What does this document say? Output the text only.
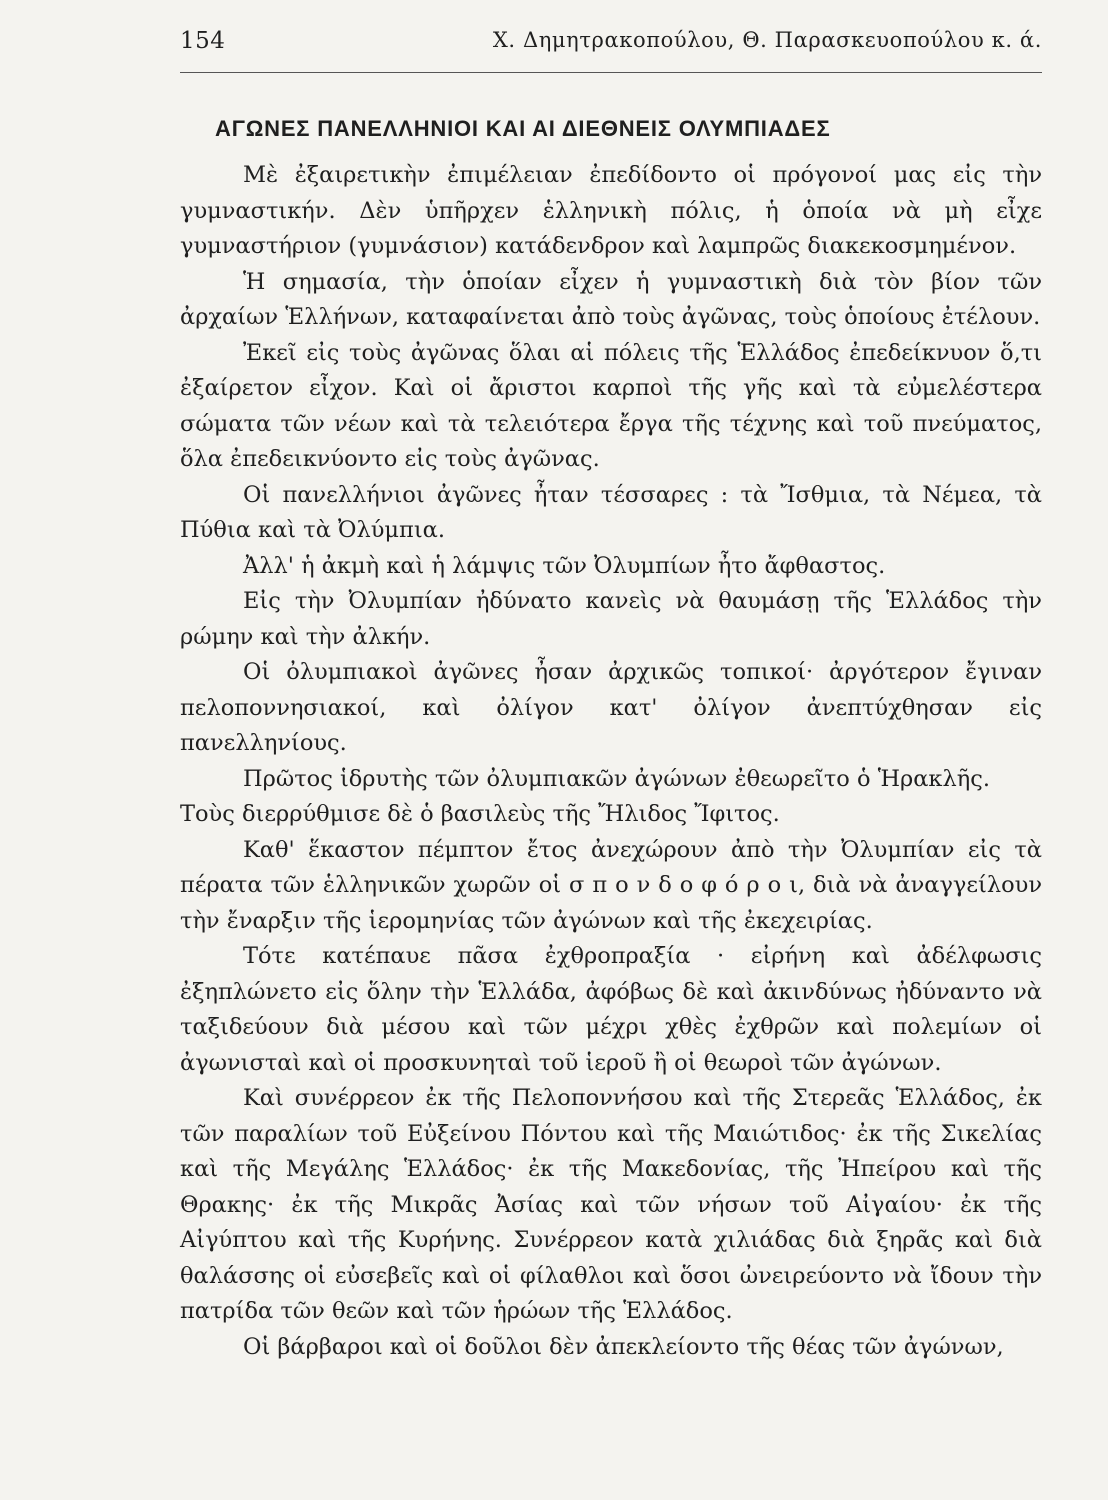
154	Χ. Δημητρακοπούλου, Θ. Παρασκευοπούλου κ. ά.
ΑΓΩΝΕΣ ΠΑΝΕΛΛΗΝΙΟΙ ΚΑΙ ΑΙ ΔΙΕΘΝΕΙΣ ΟΛΥΜΠΙΑΔΕΣ

Μὲ ἐξαιρετικὴν ἐπιμέλειαν ἐπεδίδοντο οἱ πρόγονοί μας εἰς τὴν γυμναστικήν. Δὲν ὑπῆρχεν ἑλληνικὴ πόλις, ἡ ὁποία νὰ μὴ εἶχε γυμναστήριον (γυμνάσιον) κατάδενδρον καὶ λαμπρῶς διακεκοσμημένον.

Ἡ σημασία, τὴν ὁποίαν εἶχεν ἡ γυμναστικὴ διὰ τὸν βίον τῶν ἀρχαίων Ἑλλήνων, καταφαίνεται ἀπὸ τοὺς ἀγῶνας, τοὺς ὁποίους ἐτέλουν.

Ἐκεῖ εἰς τοὺς ἀγῶνας ὅλαι αἱ πόλεις τῆς Ἑλλάδος ἐπεδείκνυον ὅ,τι ἐξαίρετον εἶχον. Καὶ οἱ ἄριστοι καρποὶ τῆς γῆς καὶ τὰ εὐμελέστερα σώματα τῶν νέων καὶ τὰ τελειότερα ἔργα τῆς τέχνης καὶ τοῦ πνεύματος, ὅλα ἐπεδεικνύοντο εἰς τοὺς ἀγῶνας.

Οἱ πανελλήνιοι ἀγῶνες ἦταν τέσσαρες : τὰ Ἴσθμια, τὰ Νέμεα, τὰ Πύθια καὶ τὰ Ὀλύμπια.

Ἀλλ' ἡ ἀκμὴ καὶ ἡ λάμψις τῶν Ὀλυμπίων ἦτο ἄφθαστος.

Εἰς τὴν Ὀλυμπίαν ἠδύνατο κανεὶς νὰ θαυμάσῃ τῆς Ἑλλάδος τὴν ρώμην καὶ τὴν ἀλκήν.

Οἱ ὀλυμπιακοὶ ἀγῶνες ἦσαν ἀρχικῶς τοπικοί· ἀργότερον ἔγιναν πελοποννησιακοί, καὶ ὀλίγον κατ' ὀλίγον ἀνεπτύχθησαν εἰς πανελληνίους.

Πρῶτος ἱδρυτὴς τῶν ὀλυμπιακῶν ἀγώνων ἐθεωρεῖτο ὁ Ἡρακλῆς.

Τοὺς διερρύθμισε δὲ ὁ βασιλεὺς τῆς Ἤλιδος Ἴφιτος.

Καθ' ἕκαστον πέμπτον ἔτος ἀνεχώρουν ἀπὸ τὴν Ὀλυμπίαν εἰς τὰ πέρατα τῶν ἑλληνικῶν χωρῶν οἱ σ π ο ν δ ο φ ό ρ ο ι, διὰ νὰ ἀναγγείλουν τὴν ἔναρξιν τῆς ἱερομηνίας τῶν ἀγώνων καὶ τῆς ἐκεχειρίας.

Τότε κατέπαυε πᾶσα ἐχθροπραξία · εἰρήνη καὶ ἀδέλφωσις ἐξηπλώνετο εἰς ὅλην τὴν Ἑλλάδα, ἀφόβως δὲ καὶ ἀκινδύνως ἠδύναντο νὰ ταξιδεύουν διὰ μέσου καὶ τῶν μέχρι χθὲς ἐχθρῶν καὶ πολεμίων οἱ ἀγωνισταὶ καὶ οἱ προσκυνηταὶ τοῦ ἱεροῦ ἢ οἱ θεωροὶ τῶν ἀγώνων.

Καὶ συνέρρεον ἐκ τῆς Πελοποννήσου καὶ τῆς Στερεᾶς Ἑλλάδος, ἐκ τῶν παραλίων τοῦ Εὐξείνου Πόντου καὶ τῆς Μαιώτιδος· ἐκ τῆς Σικελίας καὶ τῆς Μεγάλης Ἑλλάδος· ἐκ τῆς Μακεδονίας, τῆς Ἠπείρου καὶ τῆς Θρακης· ἐκ τῆς Μικρᾶς Ἀσίας καὶ τῶν νήσων τοῦ Αἰγαίου· ἐκ τῆς Αἰγύπτου καὶ τῆς Κυρήνης. Συνέρρεον κατὰ χιλιάδας διὰ ξηρᾶς καὶ διὰ θαλάσσης οἱ εὐσεβεῖς καὶ οἱ φίλαθλοι καὶ ὅσοι ὠνειρεύοντο νὰ ἴδουν τὴν πατρίδα τῶν θεῶν καὶ τῶν ἡρώων τῆς Ἑλλάδος.

Οἱ βάρβαροι καὶ οἱ δοῦλοι δὲν ἀπεκλείοντο τῆς θέας τῶν ἀγώνων,
